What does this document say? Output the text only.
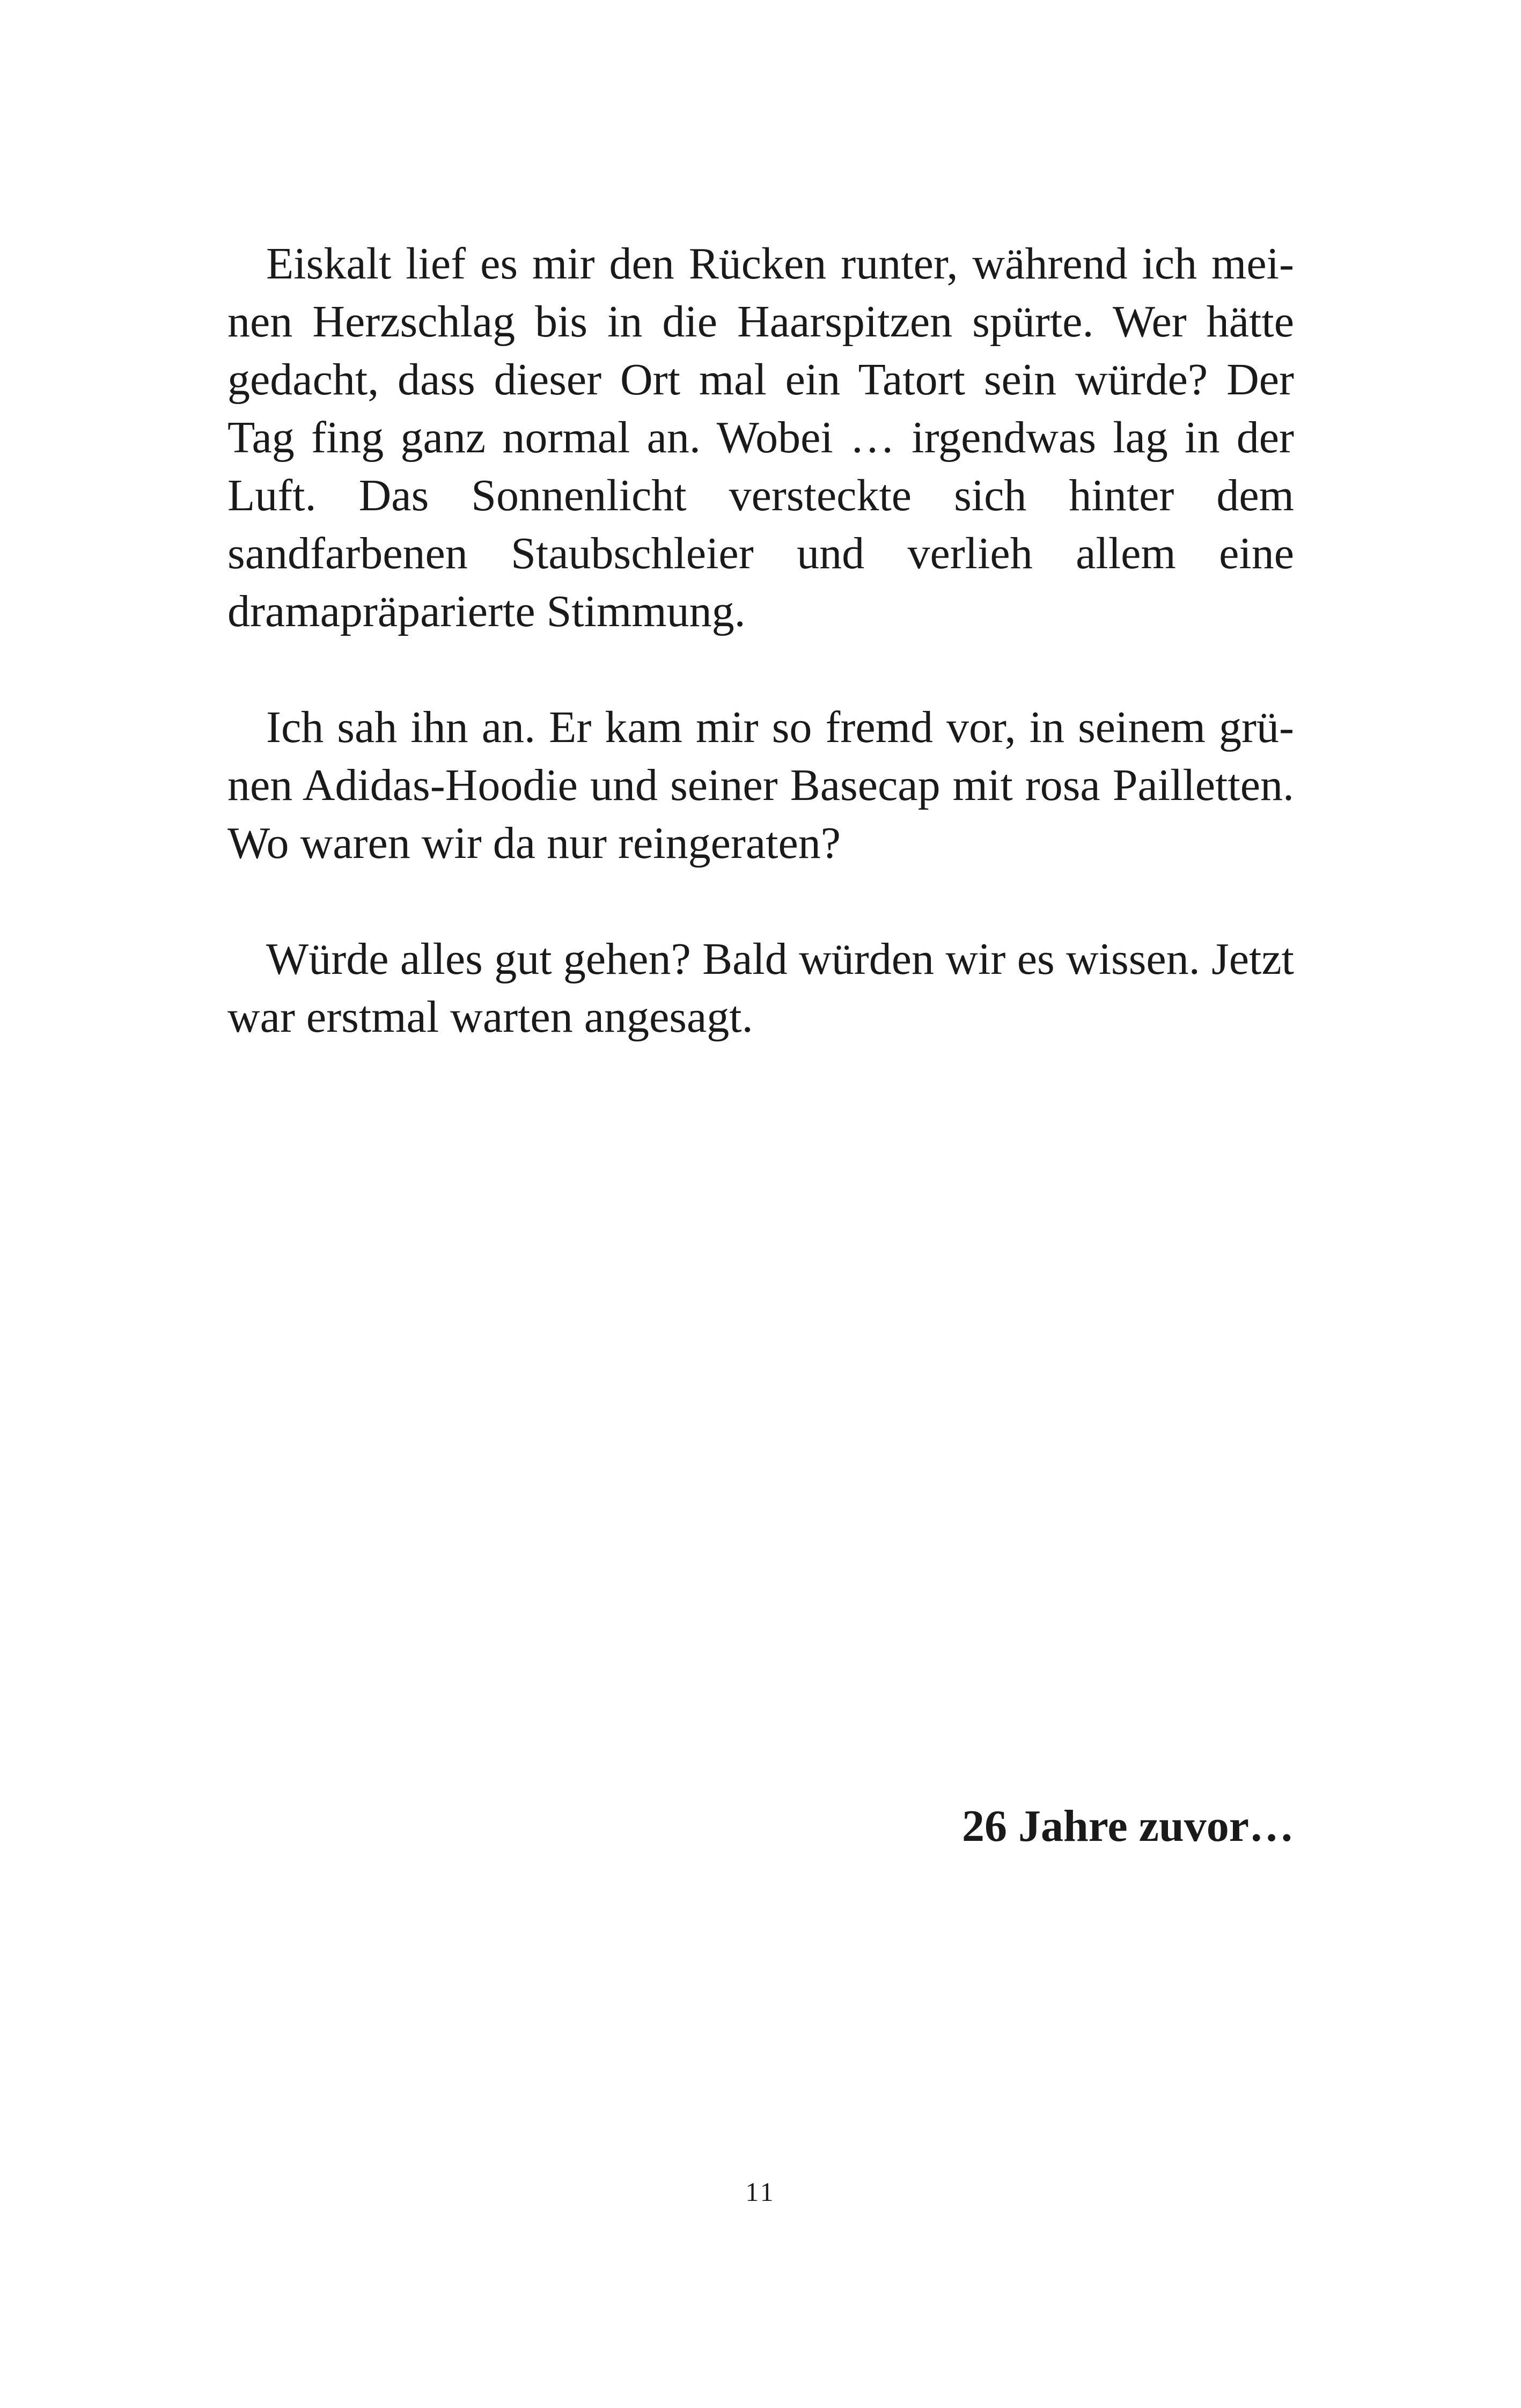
Eiskalt lief es mir den Rücken runter, während ich meinen Herzschlag bis in die Haarspitzen spürte. Wer hätte gedacht, dass dieser Ort mal ein Tatort sein würde? Der Tag fing ganz normal an. Wobei … irgendwas lag in der Luft. Das Sonnenlicht versteckte sich hinter dem sandfarbenen Staubschleier und verlieh allem eine dramapräparierte Stimmung.

Ich sah ihn an. Er kam mir so fremd vor, in seinem grünen Adidas-Hoodie und seiner Basecap mit rosa Pailletten. Wo waren wir da nur reingeraten?

Würde alles gut gehen? Bald würden wir es wissen. Jetzt war erstmal warten angesagt.

26 Jahre zuvor…

11
